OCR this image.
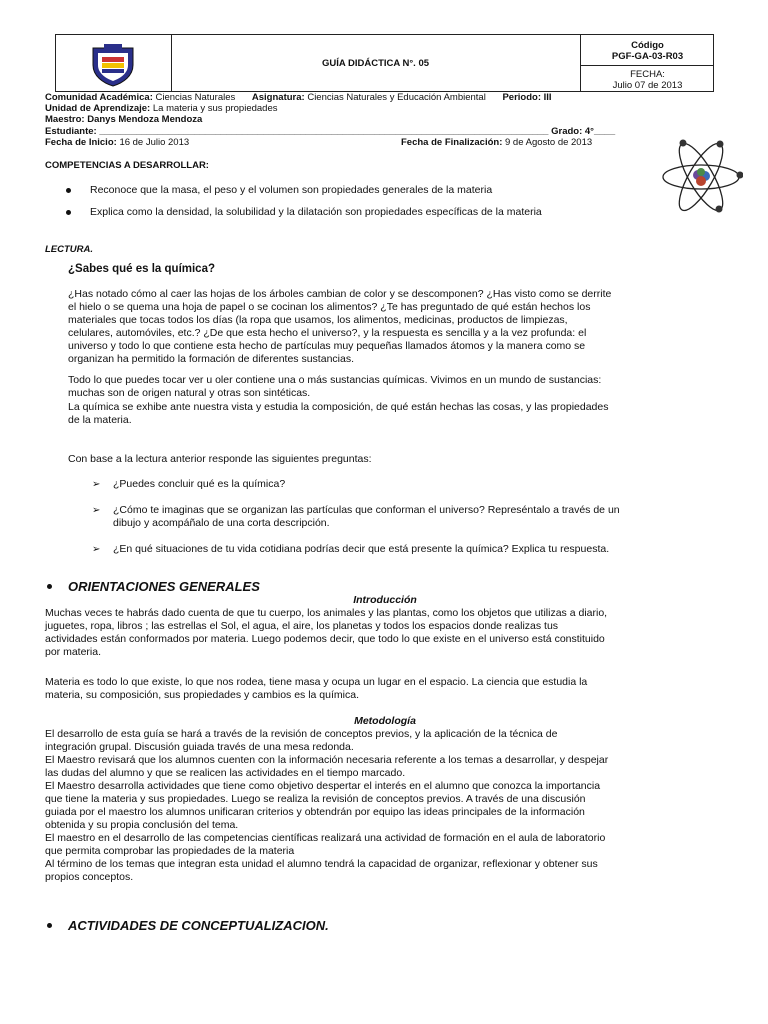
GUÍA DIDÁCTICA N°. 05
Código
PGF-GA-03-R03
FECHA:
Julio 07 de 2013
Comunidad Académica: Ciencias Naturales Asignatura: Ciencias Naturales y Educación Ambiental Periodo: III
Unidad de Aprendizaje: La materia y sus propiedades
Maestro: Danys Mendoza Mendoza
Estudiante: _____________________________________________________________________________________ Grado: 4°____
Fecha de Inicio: 16 de Julio 2013	Fecha de Finalización: 9 de Agosto de 2013
COMPETENCIAS A DESARROLLAR:
Reconoce que la masa, el peso y el volumen son propiedades generales de la materia
Explica como la densidad, la solubilidad y la dilatación son propiedades específicas de la materia
LECTURA.
¿Sabes qué es la química?
¿Has notado cómo al caer las hojas de los árboles cambian de color y se descomponen? ¿Has visto como se derrite
el hielo o se quema una hoja de papel o se cocinan los alimentos? ¿Te has preguntado de qué están hechos los
materiales que tocas todos los días (la ropa que usamos, los alimentos, medicinas, productos de limpiezas,
celulares, automóviles, etc.? ¿De que esta hecho el universo?, y la respuesta es sencilla y a la vez profunda: el
universo y todo lo que contiene esta hecho de partículas muy pequeñas llamados átomos y la manera como se
organizan ha permitido la formación de diferentes sustancias.
Todo lo que puedes tocar ver u oler contiene una o más sustancias químicas. Vivimos en un mundo de sustancias:
muchas son de origen natural y otras son sintéticas.
La química se exhibe ante nuestra vista y estudia la composición, de qué están hechas las cosas, y las propiedades
de la materia.
Con base a la lectura anterior responde las siguientes preguntas:
➢ ¿Puedes concluir qué es la química?
➢ ¿Cómo te imaginas que se organizan las partículas que conforman el universo? Represéntalo a través de un
dibujo y acompáñalo de una corta descripción.
➢ ¿En qué situaciones de tu vida cotidiana podrías decir que está presente la química? Explica tu respuesta.
ORIENTACIONES GENERALES
Introducción
Muchas veces te habrás dado cuenta de que tu cuerpo, los animales y las plantas, como los objetos que utilizas a diario,
juguetes, ropa, libros ; las estrellas el Sol, el agua, el aire, los planetas y todos los espacios donde realizas tus
actividades están conformados por materia. Luego podemos decir, que todo lo que existe en el universo está constituido
por materia.
Materia es todo lo que existe, lo que nos rodea, tiene masa y ocupa un lugar en el espacio. La ciencia que estudia la
materia, su composición, sus propiedades y cambios es la química.
Metodología
El desarrollo de esta guía se hará a través de la revisión de conceptos previos, y la aplicación de la técnica de
integración grupal. Discusión guiada través de una mesa redonda.
El Maestro revisará que los alumnos cuenten con la información necesaria referente a los temas a desarrollar, y despejar
las dudas del alumno y que se realicen las actividades en el tiempo marcado.
El Maestro desarrolla actividades que tiene como objetivo despertar el interés en el alumno que conozca la importancia
que tiene la materia y sus propiedades. Luego se realiza la revisión de conceptos previos. A través de una discusión
guiada por el maestro los alumnos unificaran criterios y obtendrán por equipo las ideas principales de la información
obtenida y su propia conclusión del tema.
El maestro en el desarrollo de las competencias científicas realizará una actividad de formación en el aula de laboratorio
que permita comprobar las propiedades de la materia
Al término de los temas que integran esta unidad el alumno tendrá la capacidad de organizar, reflexionar y obtener sus
propios conceptos.
ACTIVIDADES DE CONCEPTUALIZACION.
